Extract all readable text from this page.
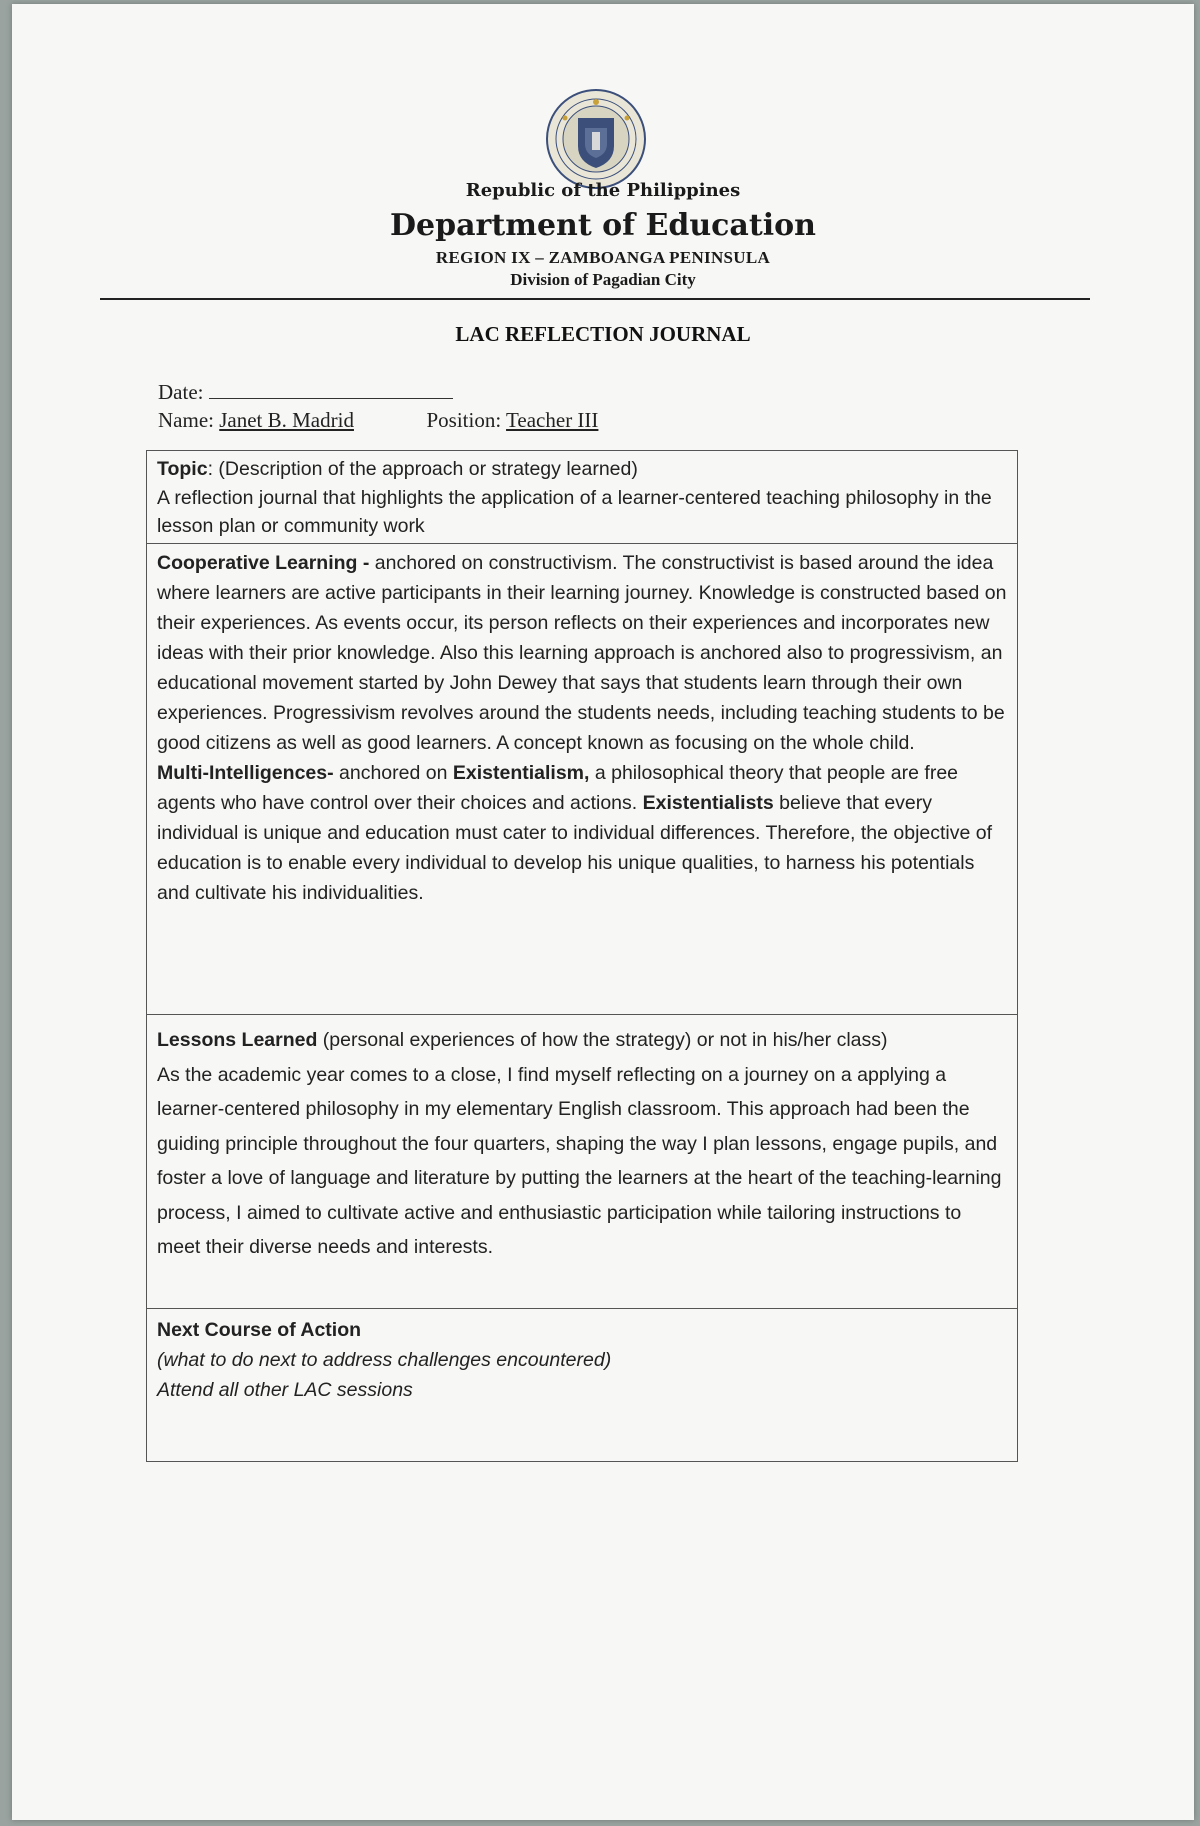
Republic of the Philippines
Department of Education
REGION IX – ZAMBOANGA PENINSULA
Division of Pagadian City
LAC REFLECTION JOURNAL
Date:
Name: Janet B. Madrid	Position: Teacher III

Topic: (Description of the approach or strategy learned)

A reflection journal that highlights the application of a learner-centered teaching philosophy in the lesson plan or community work

Cooperative Learning - anchored on constructivism. The constructivist is based around the idea where learners are active participants in their learning journey. Knowledge is constructed based on their experiences. As events occur, its person reflects on their experiences and incorporates new ideas with their prior knowledge. Also this learning approach is anchored also to progressivism, an educational movement started by John Dewey that says that students learn through their own experiences. Progressivism revolves around the students needs, including teaching students to be good citizens as well as good learners. A concept known as focusing on the whole child.

Multi-Intelligences- anchored on Existentialism, a philosophical theory that people are free agents who have control over their choices and actions. Existentialists believe that every individual is unique and education must cater to individual differences. Therefore, the objective of education is to enable every individual to develop his unique qualities, to harness his potentials and cultivate his individualities.

Lessons Learned (personal experiences of how the strategy) or not in his/her class)

As the academic year comes to a close, I find myself reflecting on a journey on a applying a learner-centered philosophy in my elementary English classroom. This approach had been the guiding principle throughout the four quarters, shaping the way I plan lessons, engage pupils, and foster a love of language and literature by putting the learners at the heart of the teaching-learning process, I aimed to cultivate active and enthusiastic participation while tailoring instructions to meet their diverse needs and interests.

Next Course of Action

(what to do next to address challenges encountered)

Attend all other LAC sessions
